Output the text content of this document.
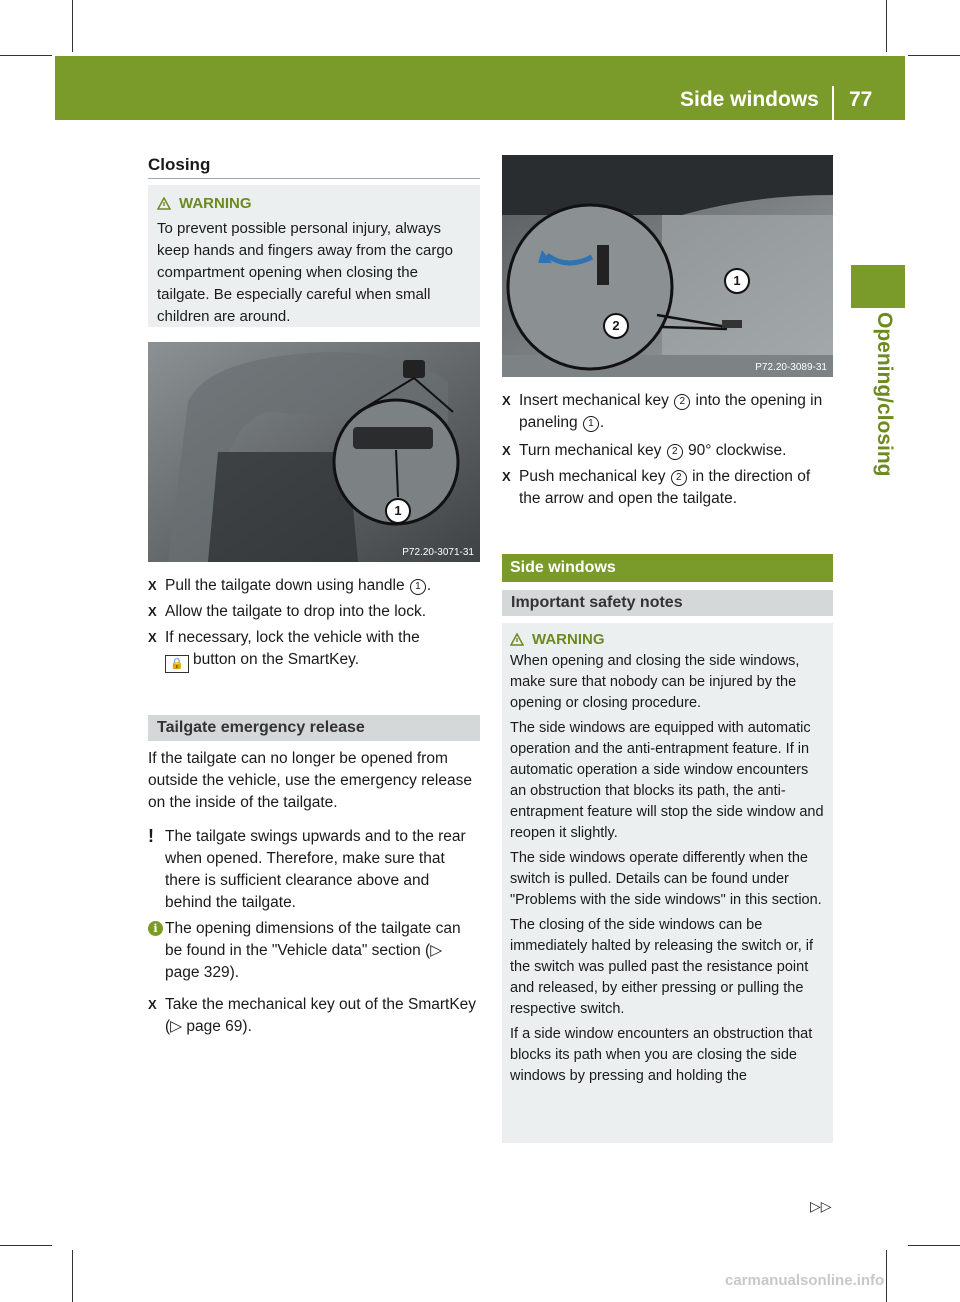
Side windows 77
Opening/closing
Closing
WARNING

To prevent possible personal injury, always keep hands and fingers away from the cargo compartment opening when closing the tailgate. Be especially careful when small children are around.

1
P72.20-3071-31
X Pull the tailgate down using handle 1 .
X Allow the tailgate to drop into the lock.
X If necessary, lock the vehicle with the
🔒 button on the SmartKey.
Tailgate emergency release
If the tailgate can no longer be opened from outside the vehicle, use the emergency release on the inside of the tailgate.
! The tailgate swings upwards and to the rear when opened. Therefore, make sure that there is sufficient clearance above and behind the tailgate.
i The opening dimensions of the tailgate can be found in the "Vehicle data" section (▷ page 329).
X Take the mechanical key out of the SmartKey (▷ page 69).
1
2
P72.20-3089-31
X Insert mechanical key 2 into the opening in paneling 1 .
X Turn mechanical key 2 90° clockwise.
X Push mechanical key 2 in the direction of the arrow and open the tailgate.
Side windows
Important safety notes
WARNING

When opening and closing the side windows, make sure that nobody can be injured by the opening or closing procedure.

The side windows are equipped with automatic operation and the anti-entrapment feature. If in automatic operation a side window encounters an obstruction that blocks its path, the anti-entrapment feature will stop the side window and reopen it slightly.

The side windows operate differently when the switch is pulled. Details can be found under "Problems with the side windows" in this section.

The closing of the side windows can be immediately halted by releasing the switch or, if the switch was pulled past the resistance point and released, by either pressing or pulling the respective switch.

If a side window encounters an obstruction that blocks its path when you are closing the side windows by pressing and holding the

▷▷
carmanualsonline.info
